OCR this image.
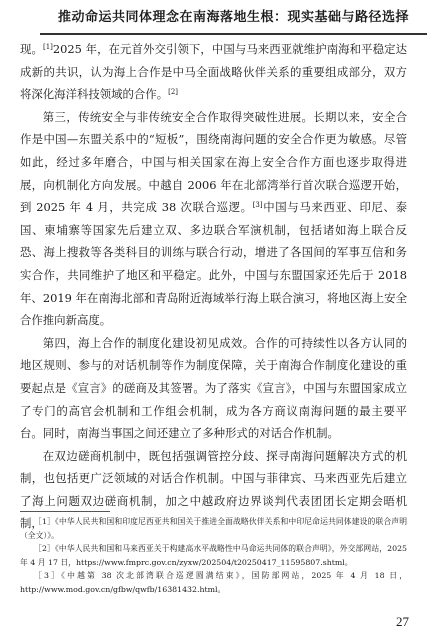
推动命运共同体理念在南海落地生根：现实基础与路径选择

现。[1]2025 年，在元首外交引领下，中国与马来西亚就维护南海和平稳定达成新的共识，认为海上合作是中马全面战略伙伴关系的重要组成部分，双方将深化海洋科技领域的合作。[2]

第三，传统安全与非传统安全合作取得突破性进展。长期以来，安全合作是中国—东盟关系中的“短板”，围绕南海问题的安全合作更为敏感。尽管如此，经过多年磨合，中国与相关国家在海上安全合作方面也逐步取得进展，向机制化方向发展。中越自 2006 年在北部湾举行首次联合巡逻开始，到 2025 年 4 月，共完成 38 次联合巡逻。[3]中国与马来西亚、印尼、泰国、柬埔寨等国家先后建立双、多边联合军演机制，包括诸如海上联合反恐、海上搜救等各类科目的训练与联合行动，增进了各国间的军事互信和务实合作，共同维护了地区和平稳定。此外，中国与东盟国家还先后于 2018 年、2019 年在南海北部和青岛附近海域举行海上联合演习，将地区海上安全合作推向新高度。

第四，海上合作的制度化建设初见成效。合作的可持续性以各方认同的地区规则、参与的对话机制等作为制度保障，关于南海合作制度化建设的重要起点是《宣言》的磋商及其签署。为了落实《宣言》，中国与东盟国家成立了专门的高官会机制和工作组会机制，成为各方商议南海问题的最主要平台。同时，南海当事国之间还建立了多种形式的对话合作机制。

在双边磋商机制中，既包括强调管控分歧、探寻南海问题解决方式的机制，也包括更广泛领域的对话合作机制。中国与菲律宾、马来西亚先后建立了海上问题双边磋商机制，加之中越政府边界谈判代表团团长定期会晤机制，

［1］《中华人民共和国和印度尼西亚共和国关于推进全面战略伙伴关系和中印尼命运共同体建设的联合声明（全文）》。

［2］《中华人民共和国和马来西亚关于构建高水平战略性中马命运共同体的联合声明》，外交部网站，2025 年 4 月 17 日，https://www.fmprc.gov.cn/zyxw/202504/t20250417_11595807.shtml。

［3］《中越第 38 次北部湾联合巡逻圆满结束》，国防部网站，2025 年 4 月 18 日，http://www.mod.gov.cn/gfbw/qwfb/16381432.html。

27
